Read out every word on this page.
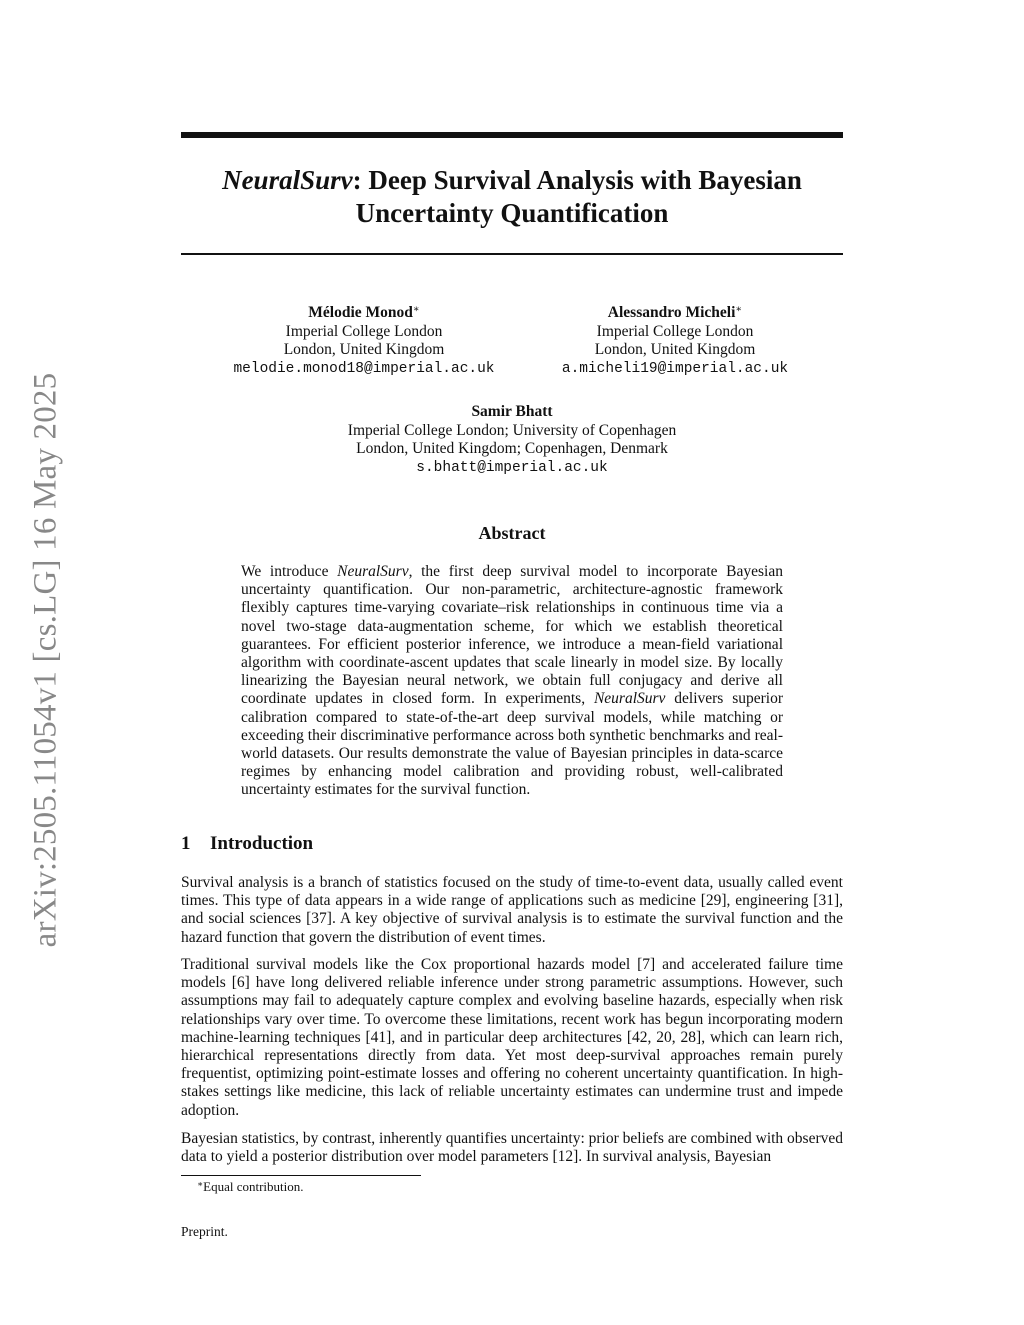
arXiv:2505.11054v1 [cs.LG] 16 May 2025
NeuralSurv: Deep Survival Analysis with Bayesian
Uncertainty Quantification
Mélodie Monod∗
Imperial College London
London, United Kingdom
melodie.monod18@imperial.ac.uk
Alessandro Micheli∗
Imperial College London
London, United Kingdom
a.micheli19@imperial.ac.uk
Samir Bhatt
Imperial College London; University of Copenhagen
London, United Kingdom; Copenhagen, Denmark
s.bhatt@imperial.ac.uk
Abstract
We introduce NeuralSurv, the first deep survival model to incorporate Bayesian uncertainty quantification. Our non-parametric, architecture-agnostic framework flexibly captures time-varying covariate–risk relationships in continuous time via a novel two-stage data-augmentation scheme, for which we establish theoretical guarantees. For efficient posterior inference, we introduce a mean-field variational algorithm with coordinate-ascent updates that scale linearly in model size. By locally linearizing the Bayesian neural network, we obtain full conjugacy and derive all coordinate updates in closed form. In experiments, NeuralSurv delivers superior calibration compared to state-of-the-art deep survival models, while matching or exceeding their discriminative performance across both synthetic benchmarks and real-world datasets. Our results demonstrate the value of Bayesian principles in data-scarce regimes by enhancing model calibration and providing robust, well-calibrated uncertainty estimates for the survival function.
1 Introduction
Survival analysis is a branch of statistics focused on the study of time-to-event data, usually called event times. This type of data appears in a wide range of applications such as medicine [29], engineering [31], and social sciences [37]. A key objective of survival analysis is to estimate the survival function and the hazard function that govern the distribution of event times.
Traditional survival models like the Cox proportional hazards model [7] and accelerated failure time models [6] have long delivered reliable inference under strong parametric assumptions. However, such assumptions may fail to adequately capture complex and evolving baseline hazards, especially when risk relationships vary over time. To overcome these limitations, recent work has begun incorporating modern machine-learning techniques [41], and in particular deep architectures [42, 20, 28], which can learn rich, hierarchical representations directly from data. Yet most deep-survival approaches remain purely frequentist, optimizing point-estimate losses and offering no coherent uncertainty quantification. In high-stakes settings like medicine, this lack of reliable uncertainty estimates can undermine trust and impede adoption.
Bayesian statistics, by contrast, inherently quantifies uncertainty: prior beliefs are combined with observed data to yield a posterior distribution over model parameters [12]. In survival analysis, Bayesian
∗Equal contribution.
Preprint.
